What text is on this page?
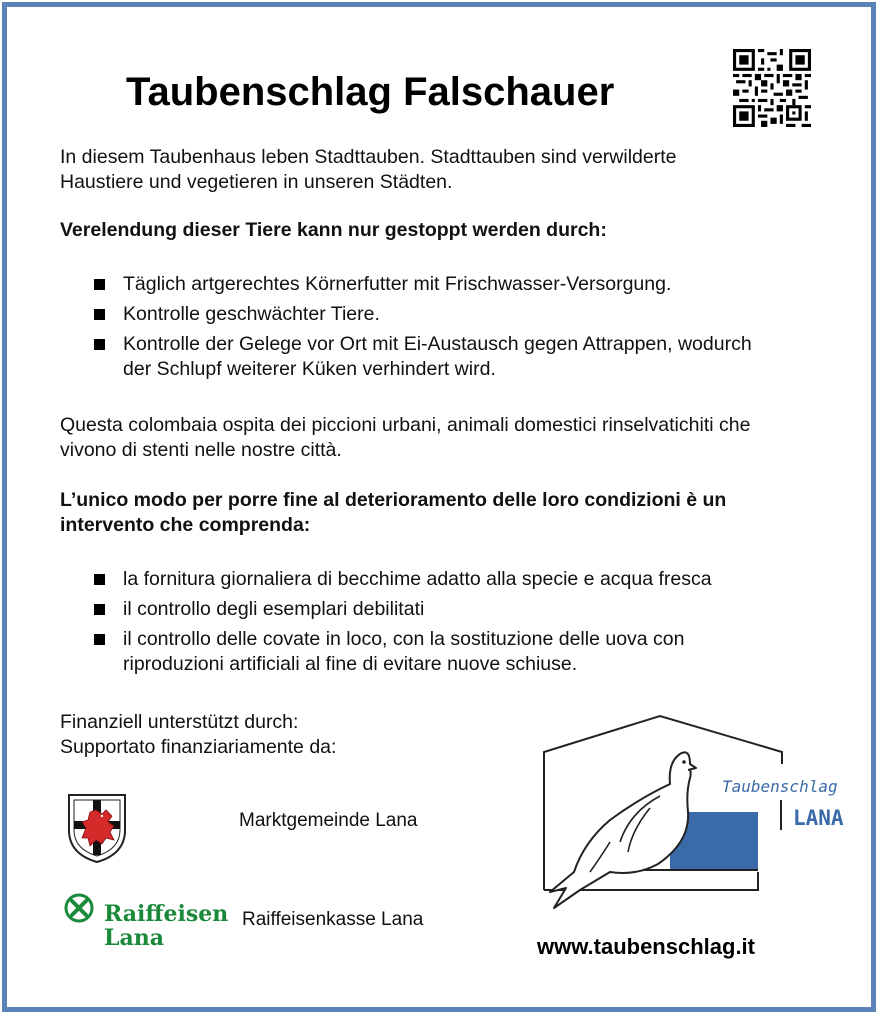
Taubenschlag Falschauer
In diesem Taubenhaus leben Stadttauben. Stadttauben sind verwilderte
Haustiere und vegetieren in unseren Städten.
Verelendung dieser Tiere kann nur gestoppt werden durch:
Täglich artgerechtes Körnerfutter mit Frischwasser-Versorgung.
Kontrolle geschwächter Tiere.
Kontrolle der Gelege vor Ort mit Ei-Austausch gegen Attrappen, wodurch
der Schlupf weiterer Küken verhindert wird.
Questa colombaia ospita dei piccioni urbani, animali domestici rinselvatichiti che
vivono di stenti nelle nostre città.
L’unico modo per porre fine al deterioramento delle loro condizioni è un
intervento che comprenda:
la fornitura giornaliera di becchime adatto alla specie e acqua fresca
il controllo degli esemplari debilitati
il controllo delle covate in loco, con la sostituzione delle uova con
riproduzioni artificiali al fine di evitare nuove schiuse.
Finanziell unterstützt durch:
Supportato finanziariamente da:
Marktgemeinde Lana
Raiffeisen
Lana
Raiffeisenkasse Lana
Taubenschlag
LANA
www.taubenschlag.it
